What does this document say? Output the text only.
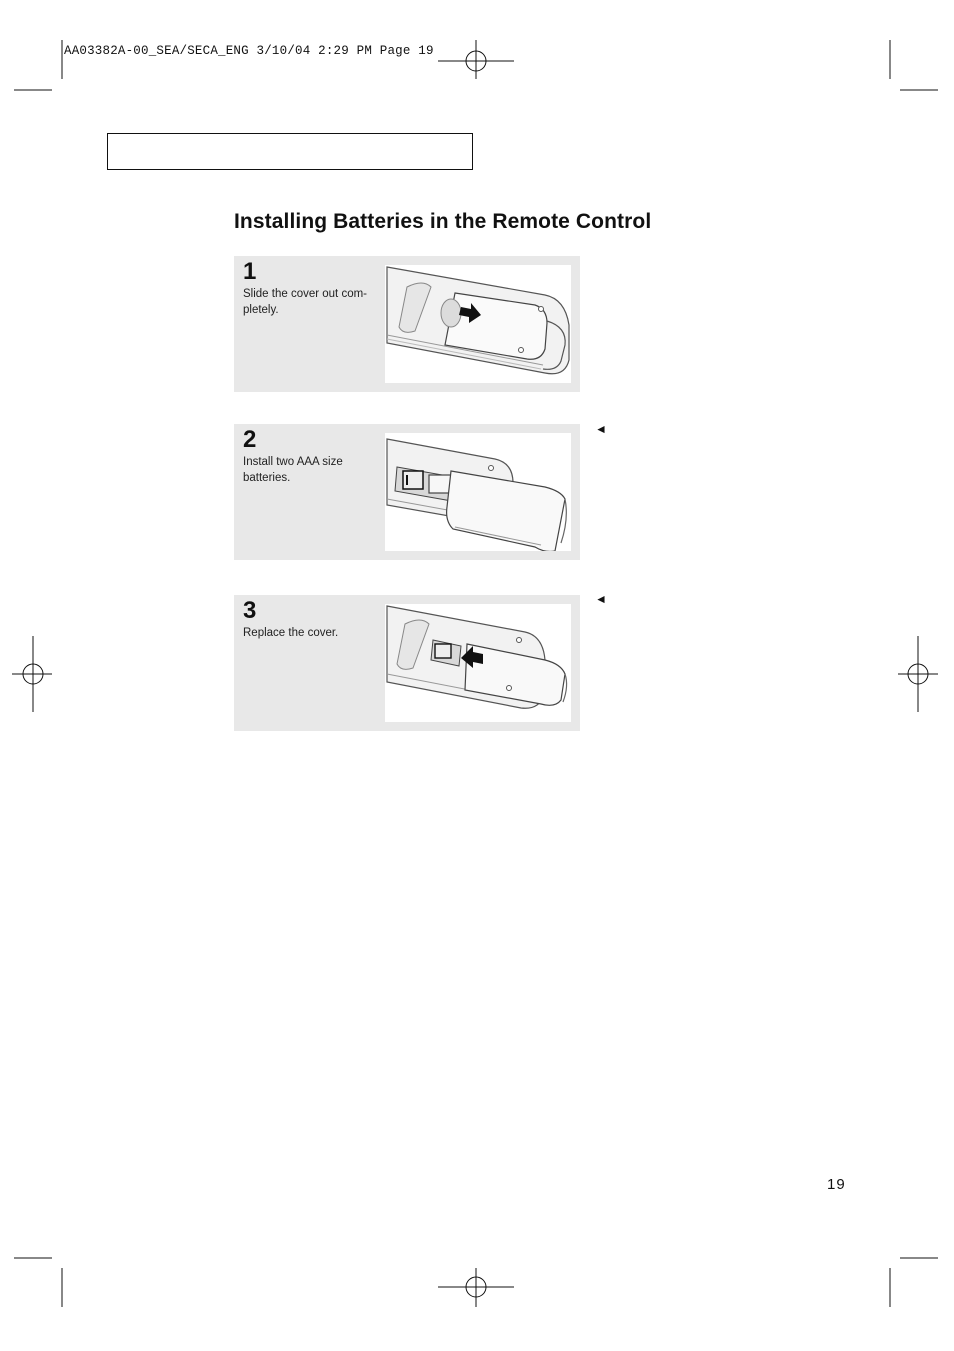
AA03382A-00_SEA/SECA_ENG 3/10/04 2:29 PM Page 19
Installing Batteries in the Remote Control
1
Slide the cover out com-
pletely.
2
Install two AAA size
batteries.
3
Replace the cover.
◄
◄
19
